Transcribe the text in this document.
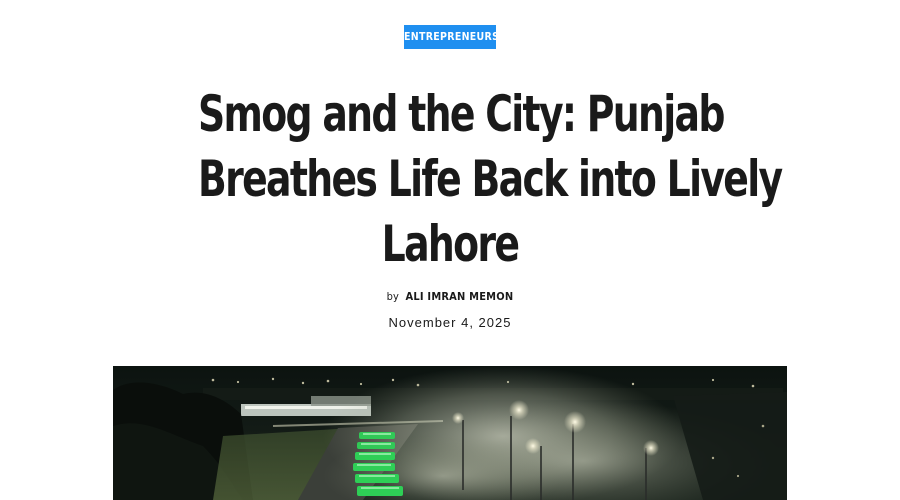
ENTREPRENEURS
Smog and the City: Punjab
Breathes Life Back into Lively
Lahore
by ALI IMRAN MEMON
November 4, 2025
